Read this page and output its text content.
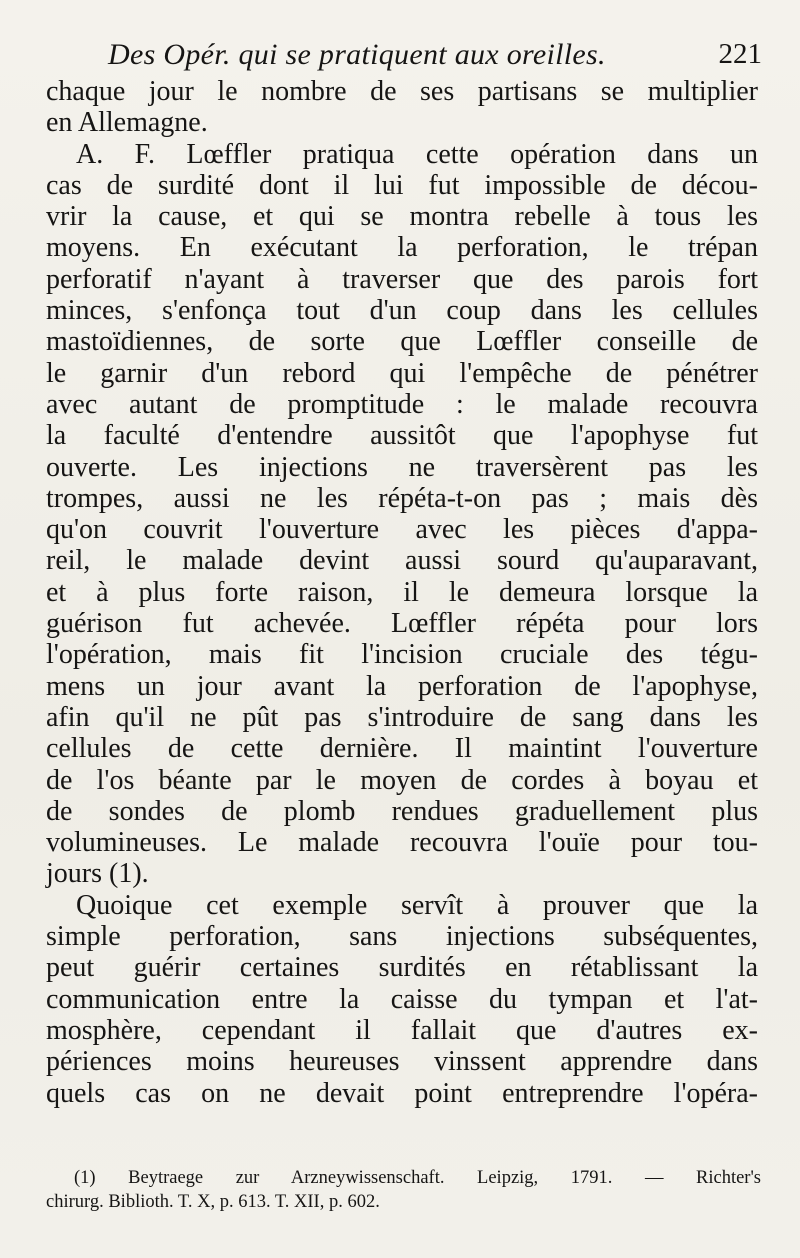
Des Opér. qui se pratiquent aux oreilles.	221
chaque jour le nombre de ses partisans se multiplier
en Allemagne.
A. F. Lœffler pratiqua cette opération dans un
cas de surdité dont il lui fut impossible de décou-
vrir la cause, et qui se montra rebelle à tous les
moyens. En exécutant la perforation, le trépan
perforatif n'ayant à traverser que des parois fort
minces, s'enfonça tout d'un coup dans les cellules
mastoïdiennes, de sorte que Lœffler conseille de
le garnir d'un rebord qui l'empêche de pénétrer
avec autant de promptitude : le malade recouvra
la faculté d'entendre aussitôt que l'apophyse fut
ouverte. Les injections ne traversèrent pas les
trompes, aussi ne les répéta-t-on pas ; mais dès
qu'on couvrit l'ouverture avec les pièces d'appa-
reil, le malade devint aussi sourd qu'auparavant,
et à plus forte raison, il le demeura lorsque la
guérison fut achevée. Lœffler répéta pour lors
l'opération, mais fit l'incision cruciale des tégu-
mens un jour avant la perforation de l'apophyse,
afin qu'il ne pût pas s'introduire de sang dans les
cellules de cette dernière. Il maintint l'ouverture
de l'os béante par le moyen de cordes à boyau et
de sondes de plomb rendues graduellement plus
volumineuses. Le malade recouvra l'ouïe pour tou-
jours (1).
Quoique cet exemple servît à prouver que la
simple perforation, sans injections subséquentes,
peut guérir certaines surdités en rétablissant la
communication entre la caisse du tympan et l'at-
mosphère, cependant il fallait que d'autres ex-
périences moins heureuses vinssent apprendre dans
quels cas on ne devait point entreprendre l'opéra-
(1) Beytraege zur Arzneywissenschaft. Leipzig, 1791. — Richter's
chirurg. Biblioth. T. X, p. 613. T. XII, p. 602.
